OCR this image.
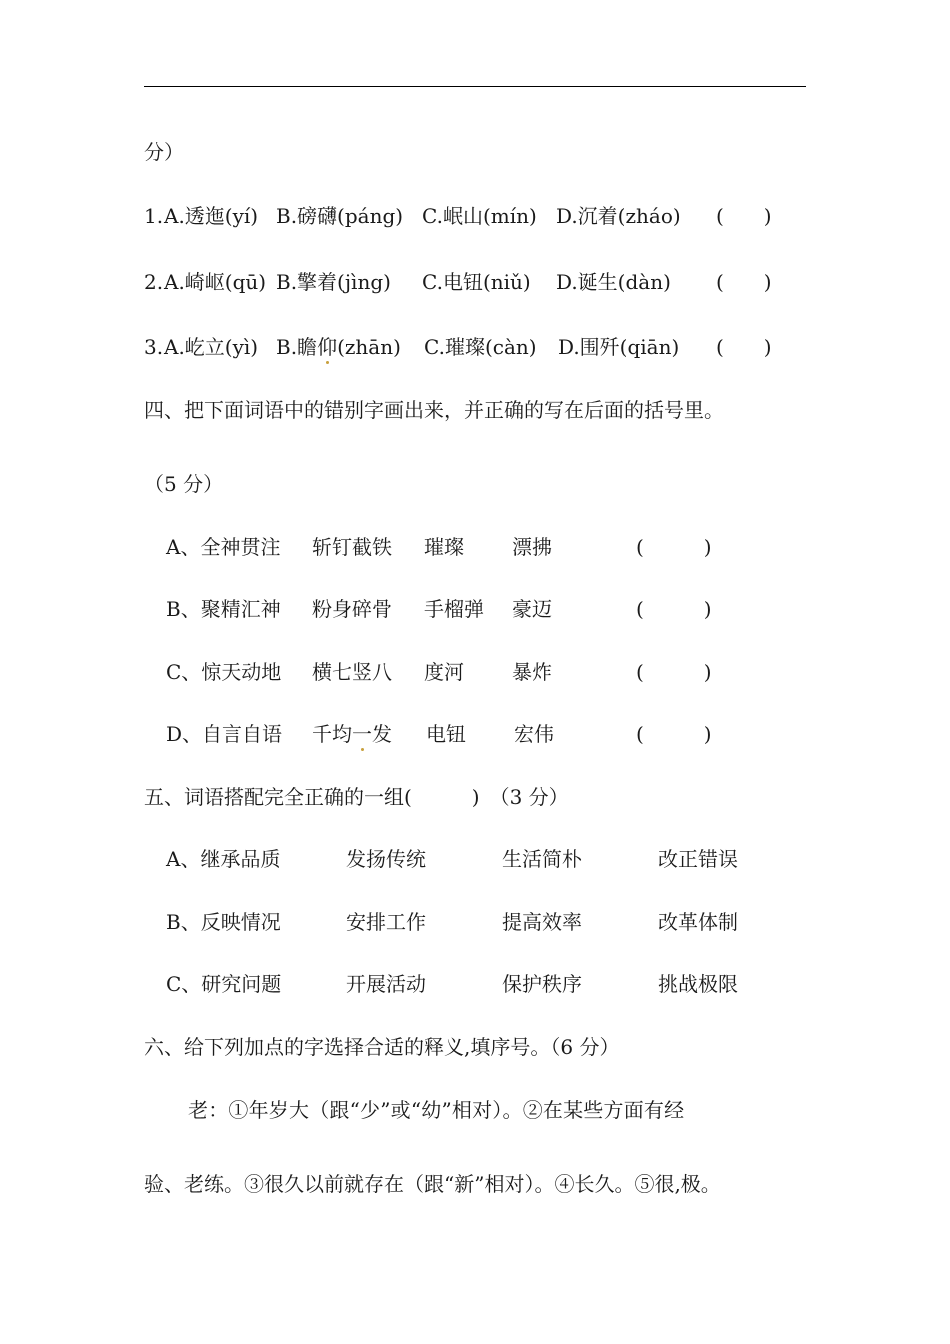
分）
1. A.透迤(yí) B.磅礴(páng) C.岷山(mín) D.沉着(zháo) (　　)
2. A.崎岖(qū) B.擎着(jìng) C.电钮(niǔ) D.诞生(dàn) (　　)
3. A.屹立(yì) B.瞻仰(zhān) C.璀璨(càn) D.围歼(qiān) (　　)
四、把下面词语中的错别字画出来，并正确的写在后面的括号里。
（5 分）
A、全神贯注 斩钉截铁 璀璨 漂拂	(　　　)
B、聚精汇神 粉身碎骨 手榴弹 豪迈	(　　　)
C、惊天动地 横七竖八 度河 暴炸	(　　　)
D、自言自语 千均一发 电钮 宏伟	(　　　)
五、词语搭配完全正确的一组(　　　)　（3 分）
A、继承品质	发扬传统	生活简朴	改正错误
B、反映情况	安排工作	提高效率	改革体制
C、研究问题	开展活动	保护秩序	挑战极限
六、给下列加点的字选择合适的释义,填序号。（6 分）
老：①年岁大（跟“少”或“幼”相对）。②在某些方面有经
验、老练。③很久以前就存在（跟“新”相对）。④长久。⑤很,极。
